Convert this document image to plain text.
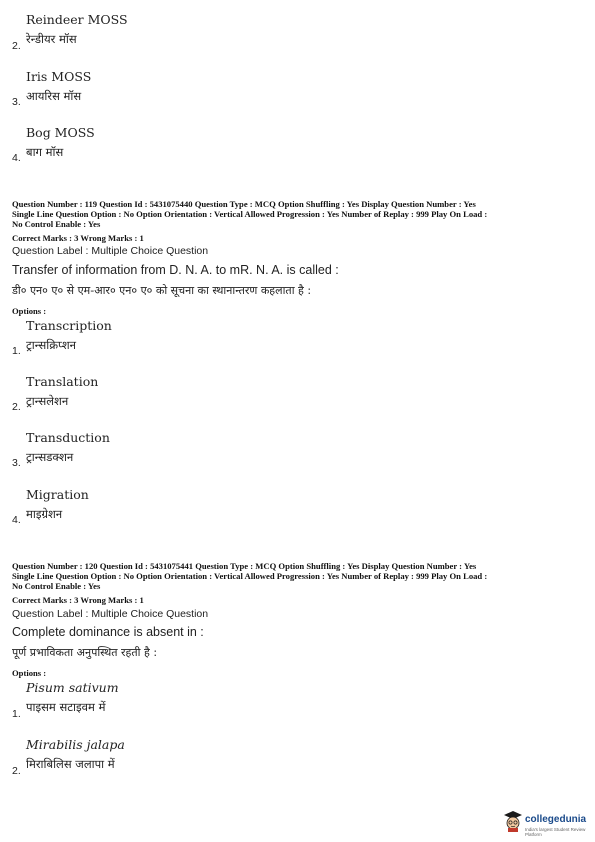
Reindeer MOSS
2. रेन्डीयर मॉस
Iris MOSS
3. आयरिस मॉस
Bog MOSS
4. बाग मॉस
Question Number : 119 Question Id : 5431075440 Question Type : MCQ Option Shuffling : Yes Display Question Number : Yes
Single Line Question Option : No Option Orientation : Vertical Allowed Progression : Yes Number of Replay : 999 Play On Load :
No Control Enable : Yes
Correct Marks : 3 Wrong Marks : 1
Question Label : Multiple Choice Question
Transfer of information from D. N. A. to mR. N. A. is called :
डी० एन० ए० से एम-आर० एन० ए० को सूचना का स्थानान्तरण कहलाता है :
Options :
Transcription
1. ट्रान्सक्रिप्शन
Translation
2. ट्रान्सलेशन
Transduction
3. ट्रान्सडक्शन
Migration
4. माइग्रेशन
Question Number : 120 Question Id : 5431075441 Question Type : MCQ Option Shuffling : Yes Display Question Number : Yes
Single Line Question Option : No Option Orientation : Vertical Allowed Progression : Yes Number of Replay : 999 Play On Load :
No Control Enable : Yes
Correct Marks : 3 Wrong Marks : 1
Question Label : Multiple Choice Question
Complete dominance is absent in :
पूर्ण प्रभाविकता अनुपस्थित रहती है :
Options :
Pisum sativum
1. पाइसम सटाइवम में
Mirabilis jalapa
2. मिराबिलिस जलापा में
collegedunia
India's largest Student Review Platform
